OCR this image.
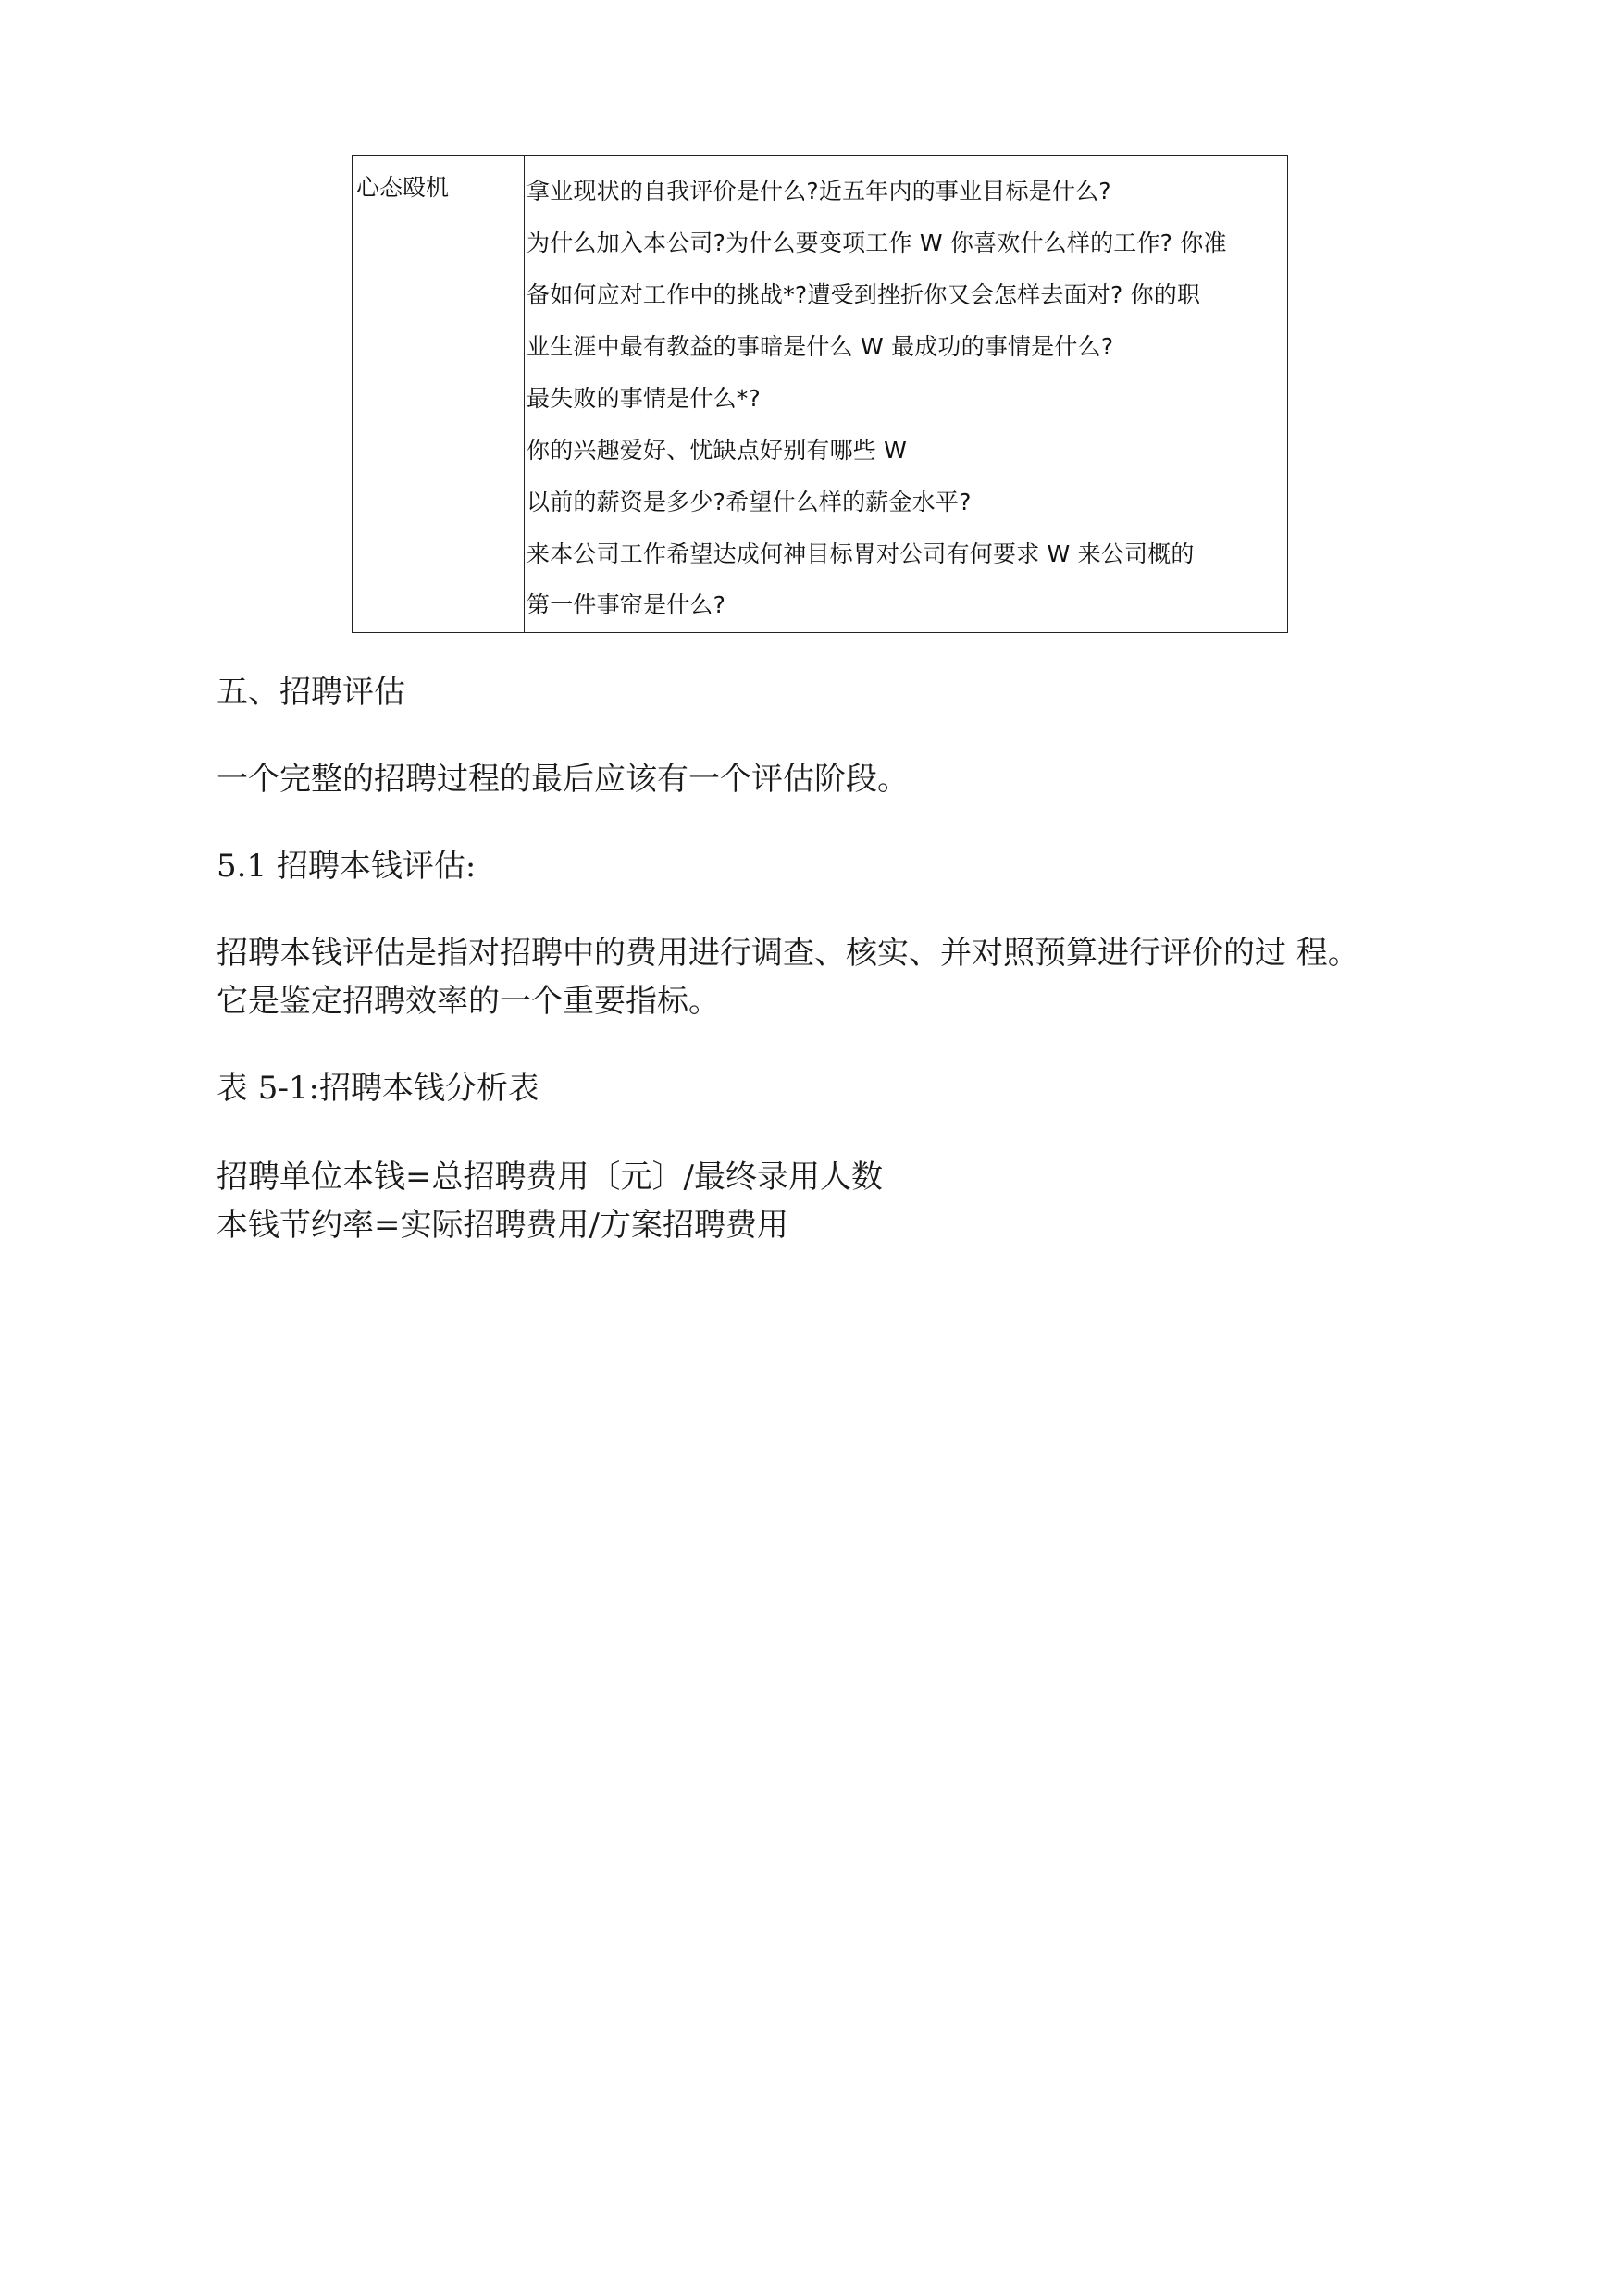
心态殴机	拿业现状的自我评价是什么?近五年内的事业目标是什么?
为什么加入本公司?为什么要变项工作 W 你喜欢什么样的工作? 你准
备如何应对工作中的挑战*?遭受到挫折你又会怎样去面对? 你的职
业生涯中最有教益的事暗是什么 W 最成功的事情是什么?
最失败的事情是什么*?
你的兴趣爱好、忧缺点好别有哪些 W
以前的薪资是多少?希望什么样的薪金水平?
来本公司工作希望达成何神目标胃对公司有何要求 W 来公司概的
第一件事帘是什么?
五、招聘评估
一个完整的招聘过程的最后应该有一个评估阶段。
5.1 招聘本钱评估:
招聘本钱评估是指对招聘中的费用进行调查、核实、并对照预算进行评价的过 程。
它是鉴定招聘效率的一个重要指标。
表 5-1:招聘本钱分析表
招聘单位本钱=总招聘费用〔元〕/最终录用人数
本钱节约率=实际招聘费用/方案招聘费用
